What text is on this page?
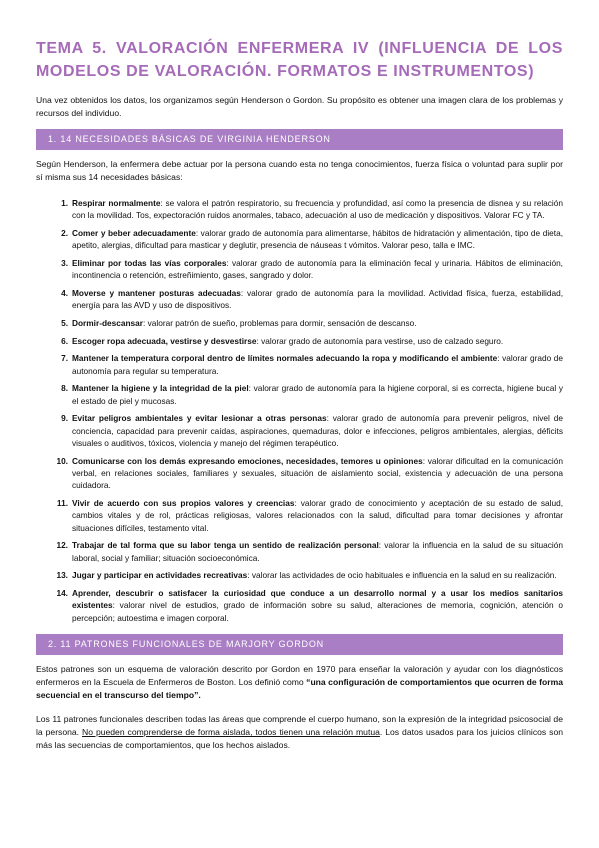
TEMA 5. VALORACIÓN ENFERMERA IV (INFLUENCIA DE LOS MODELOS DE VALORACIÓN. FORMATOS E INSTRUMENTOS)

Una vez obtenidos los datos, los organizamos según Henderson o Gordon. Su propósito es obtener una imagen clara de los problemas y recursos del individuo.

1. 14 NECESIDADES BÁSICAS DE VIRGINIA HENDERSON

Según Henderson, la enfermera debe actuar por la persona cuando esta no tenga conocimientos, fuerza física o voluntad para suplir por sí misma sus 14 necesidades básicas:

1. Respirar normalmente: se valora el patrón respiratorio, su frecuencia y profundidad, así como la presencia de disnea y su relación con la movilidad. Tos, expectoración ruidos anormales, tabaco, adecuación al uso de medicación y dispositivos. Valorar FC y TA.
2. Comer y beber adecuadamente: valorar grado de autonomía para alimentarse, hábitos de hidratación y alimentación, tipo de dieta, apetito, alergias, dificultad para masticar y deglutir, presencia de náuseas t vómitos. Valorar peso, talla e IMC.
3. Eliminar por todas las vías corporales: valorar grado de autonomía para la eliminación fecal y urinaria. Hábitos de eliminación, incontinencia o retención, estreñimiento, gases, sangrado y dolor.
4. Moverse y mantener posturas adecuadas: valorar grado de autonomía para la movilidad. Actividad física, fuerza, estabilidad, energía para las AVD y uso de dispositivos.
5. Dormir-descansar: valorar patrón de sueño, problemas para dormir, sensación de descanso.
6. Escoger ropa adecuada, vestirse y desvestirse: valorar grado de autonomía para vestirse, uso de calzado seguro.
7. Mantener la temperatura corporal dentro de límites normales adecuando la ropa y modificando el ambiente: valorar grado de autonomía para regular su temperatura.
8. Mantener la higiene y la integridad de la piel: valorar grado de autonomía para la higiene corporal, si es correcta, higiene bucal y el estado de piel y mucosas.
9. Evitar peligros ambientales y evitar lesionar a otras personas: valorar grado de autonomía para prevenir peligros, nivel de conciencia, capacidad para prevenir caídas, aspiraciones, quemaduras, dolor e infecciones, peligros ambientales, alergias, déficits visuales o auditivos, tóxicos, violencia y manejo del régimen terapéutico.
10. Comunicarse con los demás expresando emociones, necesidades, temores u opiniones: valorar dificultad en la comunicación verbal, en relaciones sociales, familiares y sexuales, situación de aislamiento social, existencia y adecuación de una persona cuidadora.
11. Vivir de acuerdo con sus propios valores y creencias: valorar grado de conocimiento y aceptación de su estado de salud, cambios vitales y de rol, prácticas religiosas, valores relacionados con la salud, dificultad para tomar decisiones y afrontar situaciones difíciles, testamento vital.
12. Trabajar de tal forma que su labor tenga un sentido de realización personal: valorar la influencia en la salud de su situación laboral, social y familiar; situación socioeconómica.
13. Jugar y participar en actividades recreativas: valorar las actividades de ocio habituales e influencia en la salud en su realización.
14. Aprender, descubrir o satisfacer la curiosidad que conduce a un desarrollo normal y a usar los medios sanitarios existentes: valorar nivel de estudios, grado de información sobre su salud, alteraciones de memoria, cognición, atención o percepción; autoestima e imagen corporal.
2. 11 PATRONES FUNCIONALES DE MARJORY GORDON

Estos patrones son un esquema de valoración descrito por Gordon en 1970 para enseñar la valoración y ayudar con los diagnósticos enfermeros en la Escuela de Enfermeros de Boston. Los definió como “una configuración de comportamientos que ocurren de forma secuencial en el transcurso del tiempo”.

Los 11 patrones funcionales describen todas las áreas que comprende el cuerpo humano, son la expresión de la integridad psicosocial de la persona. No pueden comprenderse de forma aislada, todos tienen una relación mutua. Los datos usados para los juicios clínicos son más las secuencias de comportamientos, que los hechos aislados.
